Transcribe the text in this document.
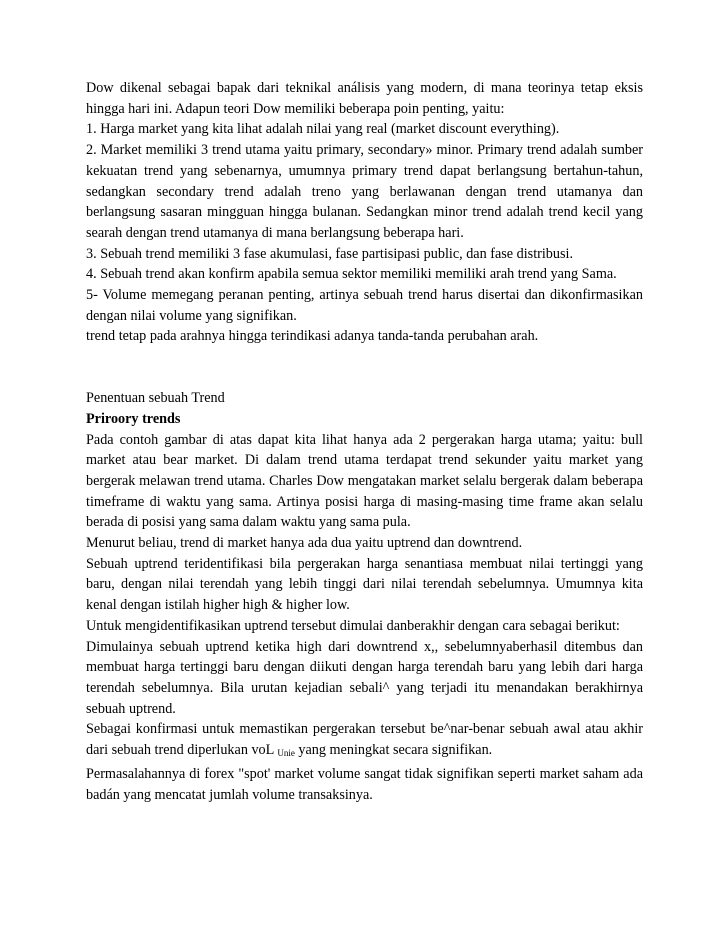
Dow dikenal sebagai bapak dari teknikal análisis yang modern, di mana teorinya tetap eksis hingga hari ini. Adapun teori Dow memiliki beberapa poin penting, yaitu:

1. Harga market yang kita lihat adalah nilai yang real (market discount everything).

2. Market memiliki 3 trend utama yaitu primary, secondary» minor. Primary trend adalah sumber kekuatan trend yang sebenarnya, umumnya primary trend dapat berlangsung bertahun-tahun, sedangkan secondary trend adalah treno yang berlawanan dengan trend utamanya dan berlangsung sasaran mingguan hingga bulanan. Sedangkan minor trend adalah trend kecil yang searah dengan trend utamanya di mana berlangsung beberapa hari.

3. Sebuah trend memiliki 3 fase akumulasi, fase partisipasi public, dan fase distribusi.

4. Sebuah trend akan konfirm apabila semua sektor memiliki memiliki arah trend yang Sama.

5- Volume memegang peranan penting, artinya sebuah trend harus disertai dan dikonfirmasikan dengan nilai volume yang signifikan.

trend tetap pada arahnya hingga terindikasi adanya tanda-tanda perubahan arah.

Penentuan sebuah Trend

Priroory trends

Pada contoh gambar di atas dapat kita lihat hanya ada 2 pergerakan harga utama; yaitu: bull market atau bear market. Di dalam trend utama terdapat trend sekunder yaitu market yang bergerak melawan trend utama. Charles Dow mengatakan market selalu bergerak dalam beberapa timeframe di waktu yang sama. Artinya posisi harga di masing-masing time frame akan selalu berada di posisi yang sama dalam waktu yang sama pula.

Menurut beliau, trend di market hanya ada dua yaitu uptrend dan downtrend.

Sebuah uptrend teridentifikasi bila pergerakan harga senantiasa membuat nilai tertinggi yang baru, dengan nilai terendah yang lebih tinggi dari nilai terendah sebelumnya. Umumnya kita kenal dengan istilah higher high & higher low.

Untuk mengidentifikasikan uptrend tersebut dimulai danberakhir dengan cara sebagai berikut:

Dimulainya sebuah uptrend ketika high dari downtrend x,, sebelumnyaberhasil ditembus dan membuat harga tertinggi baru dengan diikuti dengan harga terendah baru yang lebih dari harga terendah sebelumnya. Bila urutan kejadian sebali^ yang terjadi itu menandakan berakhirnya sebuah uptrend.

Sebagai konfirmasi untuk memastikan pergerakan tersebut be^nar-benar sebuah awal atau akhir dari sebuah trend diperlukan voL $_{Unie}$ yang meningkat secara signifikan.

Permasalahannya di forex "spot' market volume sangat tidak signifikan seperti market saham ada badán yang mencatat jumlah volume transaksinya.
